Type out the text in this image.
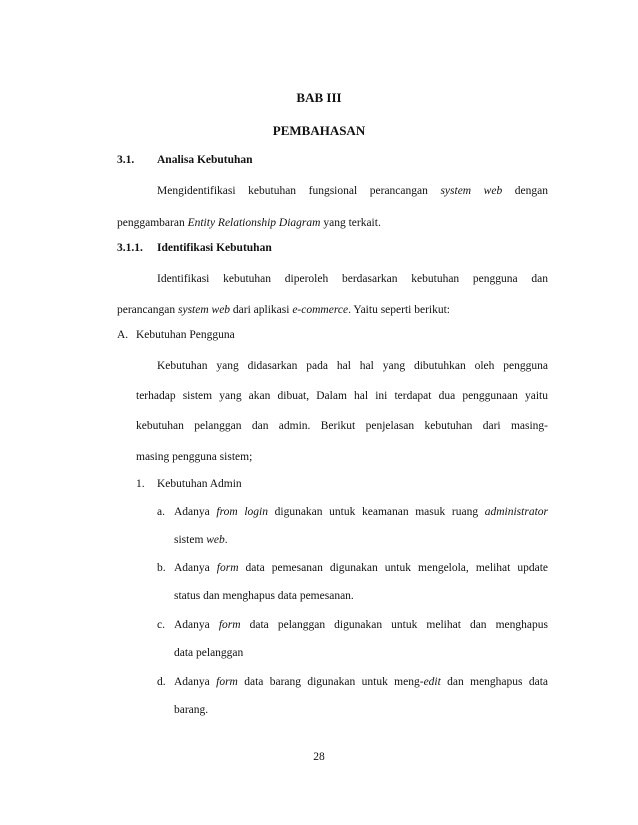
BAB III
PEMBAHASAN
3.1. Analisa Kebutuhan
Mengidentifikasi kebutuhan fungsional perancangan system web dengan
penggambaran Entity Relationship Diagram yang terkait.
3.1.1. Identifikasi Kebutuhan
Identifikasi kebutuhan diperoleh berdasarkan kebutuhan pengguna dan
perancangan system web dari aplikasi e-commerce. Yaitu seperti berikut:
A. Kebutuhan Pengguna
Kebutuhan yang didasarkan pada hal hal yang dibutuhkan oleh pengguna
terhadap sistem yang akan dibuat, Dalam hal ini terdapat dua penggunaan yaitu
kebutuhan pelanggan dan admin. Berikut penjelasan kebutuhan dari masing-
masing pengguna sistem;
1. Kebutuhan Admin
a. Adanya from login digunakan untuk keamanan masuk ruang administrator
sistem web.
b. Adanya form data pemesanan digunakan untuk mengelola, melihat update
status dan menghapus data pemesanan.
c. Adanya form data pelanggan digunakan untuk melihat dan menghapus
data pelanggan
d. Adanya form data barang digunakan untuk meng-edit dan menghapus data
barang.
28
